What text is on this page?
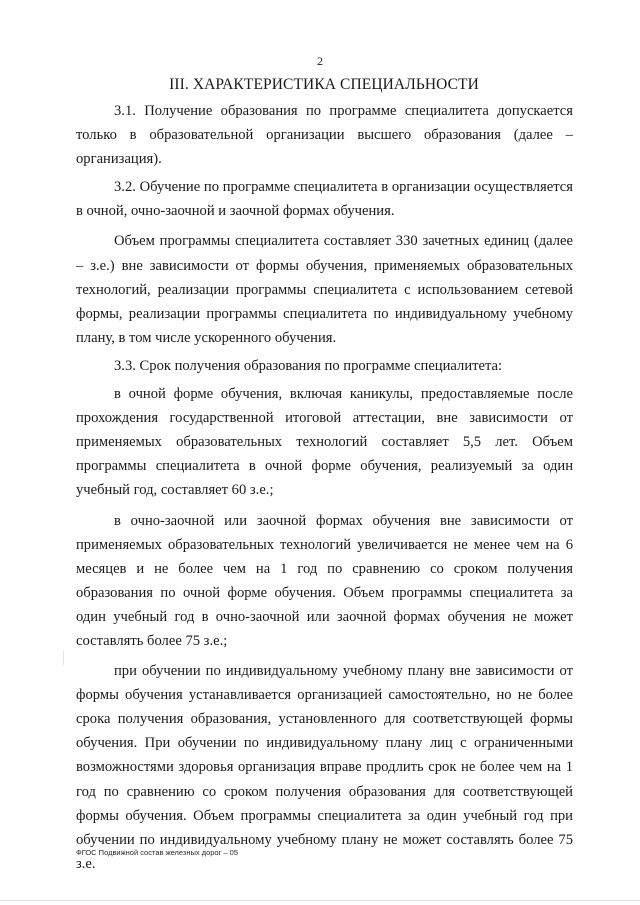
2
III. ХАРАКТЕРИСТИКА СПЕЦИАЛЬНОСТИ

3.1. Получение образования по программе специалитета допускается только в образовательной организации высшего образования (далее – организация).

3.2. Обучение по программе специалитета в организации осуществляется в очной, очно-заочной и заочной формах обучения.

Объем программы специалитета составляет 330 зачетных единиц (далее – з.е.) вне зависимости от формы обучения, применяемых образовательных технологий, реализации программы специалитета с использованием сетевой формы, реализации программы специалитета по индивидуальному учебному плану, в том числе ускоренного обучения.

3.3. Срок получения образования по программе специалитета:

в очной форме обучения, включая каникулы, предоставляемые после прохождения государственной итоговой аттестации, вне зависимости от применяемых образовательных технологий составляет 5,5 лет. Объем программы специалитета в очной форме обучения, реализуемый за один учебный год, составляет 60 з.е.;

в очно-заочной или заочной формах обучения вне зависимости от применяемых образовательных технологий увеличивается не менее чем на 6 месяцев и не более чем на 1 год по сравнению со сроком получения образования по очной форме обучения. Объем программы специалитета за один учебный год в очно-заочной или заочной формах обучения не может составлять более 75 з.е.;

при обучении по индивидуальному учебному плану вне зависимости от формы обучения устанавливается организацией самостоятельно, но не более срока получения образования, установленного для соответствующей формы обучения. При обучении по индивидуальному плану лиц с ограниченными возможностями здоровья организация вправе продлить срок не более чем на 1 год по сравнению со сроком получения образования для соответствующей формы обучения. Объем программы специалитета за один учебный год при обучении по индивидуальному учебному плану не может составлять более 75 з.е.

ФГОС Подвижной состав железных дорог – 05
